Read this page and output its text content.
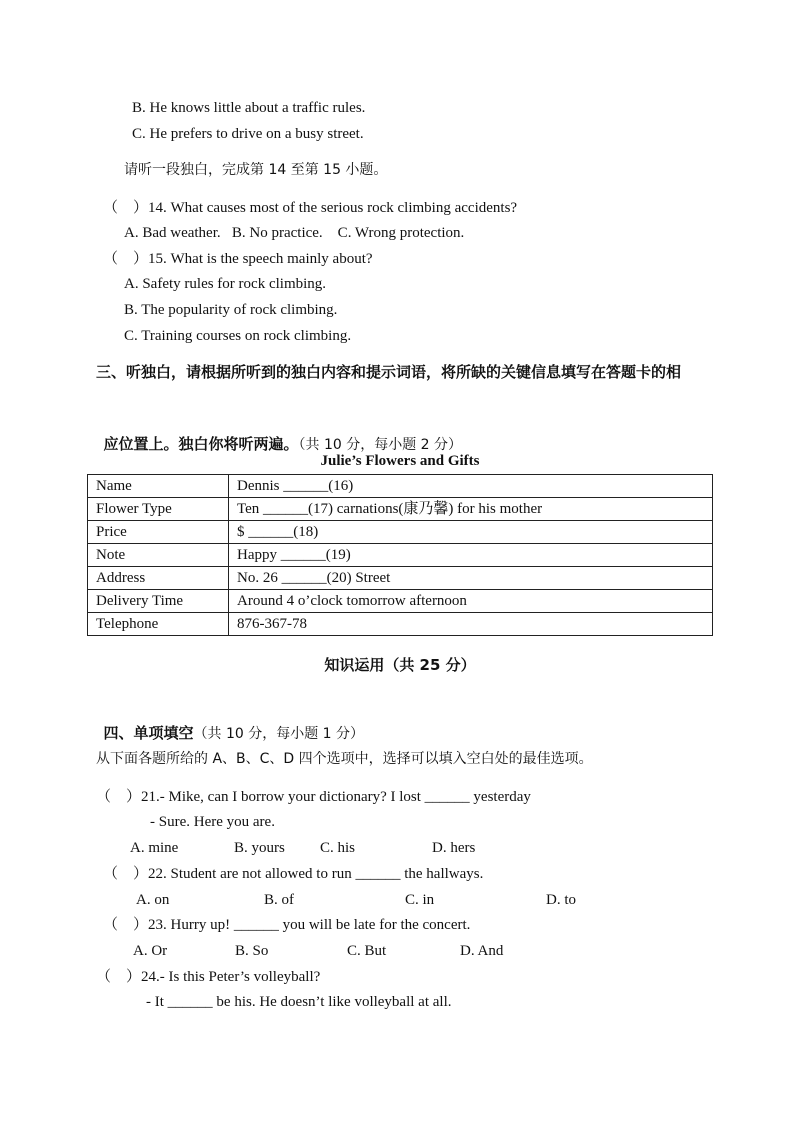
B. He knows little about a traffic rules.
C. He prefers to drive on a busy street.
请听一段独白，完成第 14 至第 15 小题。
（    ）14. What causes most of the serious rock climbing accidents?
A. Bad weather.   B. No practice.    C. Wrong protection.
（    ）15. What is the speech mainly about?
A. Safety rules for rock climbing.
B. The popularity of rock climbing.
C. Training courses on rock climbing.
三、听独白，请根据所听到的独白内容和提示词语，将所缺的关键信息填写在答题卡的相

应位置上。独白你将听两遍。（共 10 分，每小题 2 分）

Julie’s Flowers and Gifts
Name	Dennis ______(16)
Flower Type	Ten ______(17) carnations(康乃馨) for his mother
Price	$ ______(18)
Note	Happy ______(19)
Address	No. 26 ______(20) Street
Delivery Time	Around 4 o’clock tomorrow afternoon
Telephone	876-367-78
知识运用（共 25 分）

四、单项填空（共 10 分，每小题 1 分）

从下面各题所给的 A、B、C、D 四个选项中，选择可以填入空白处的最佳选项。
（    ）21.- Mike, can I borrow your dictionary? I lost ______ yesterday
- Sure. Here you are.
A. mine	B. yours C. his	D. hers
（    ）22. Student are not allowed to run ______ the hallways.
A. on	B. of	C. in	D. to
（    ）23. Hurry up! ______ you will be late for the concert.
A. Or	B. So	C. But	D. And
（    ）24.- Is this Peter’s volleyball?
- It ______ be his. He doesn’t like volleyball at all.
